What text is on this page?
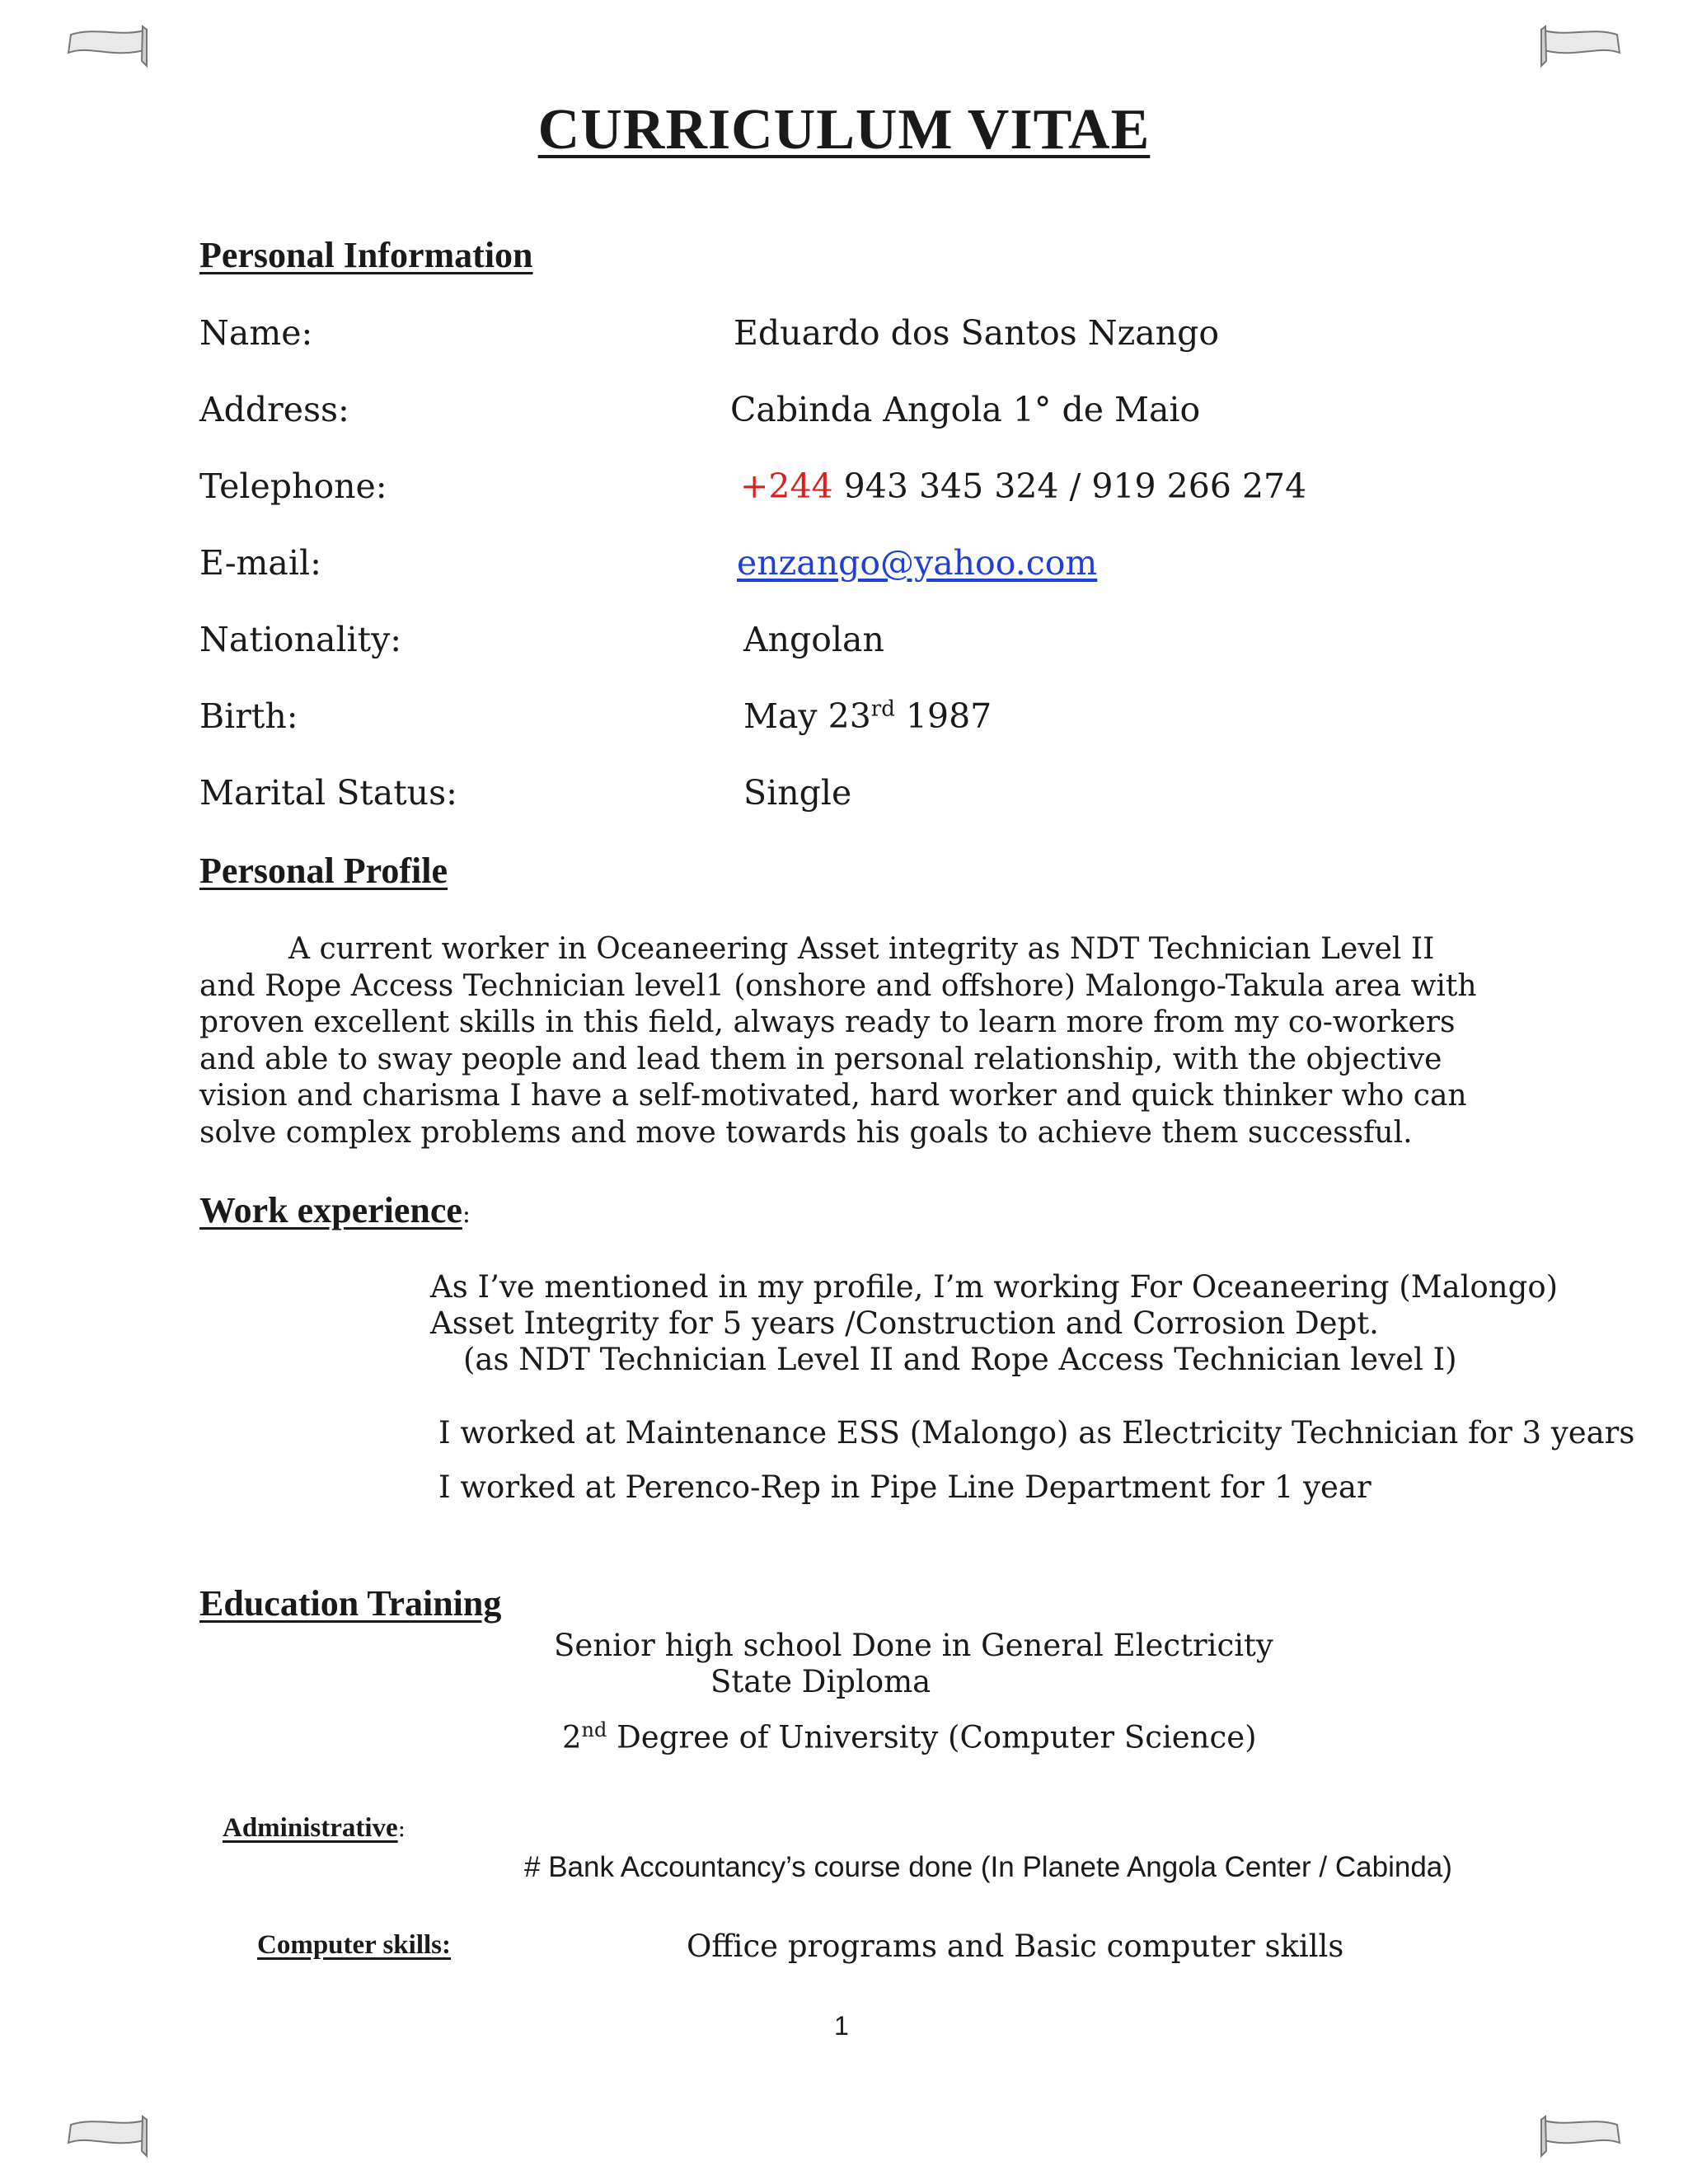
CURRICULUM VITAE
Personal Information
Name:	Eduardo dos Santos Nzango
Address:	Cabinda Angola 1° de Maio
Telephone:	+244 943 345 324 / 919 266 274
E-mail:	enzango@yahoo.com
Nationality:	Angolan
Birth:	May 23rd 1987
Marital Status:	Single
Personal Profile
A current worker in Oceaneering Asset integrity as NDT Technician Level II and Rope Access Technician level1 (onshore and offshore) Malongo-Takula area with proven excellent skills in this field, always ready to learn more from my co-workers and able to sway people and lead them in personal relationship, with the objective vision and charisma I have a self-motivated, hard worker and quick thinker who can solve complex problems and move towards his goals to achieve them successful.
Work experience:
As I’ve mentioned in my profile, I’m working For Oceaneering (Malongo)
Asset Integrity for 5 years /Construction and Corrosion Dept.
(as NDT Technician Level II and Rope Access Technician level I)
I worked at Maintenance ESS (Malongo) as Electricity Technician for 3 years
I worked at Perenco-Rep in Pipe Line Department for 1 year
Education Training
Senior high school Done in General Electricity
State Diploma
2nd Degree of University (Computer Science)
Administrative:
# Bank Accountancy’s course done (In Planete Angola Center / Cabinda)
Computer skills:	Office programs and Basic computer skills
1
